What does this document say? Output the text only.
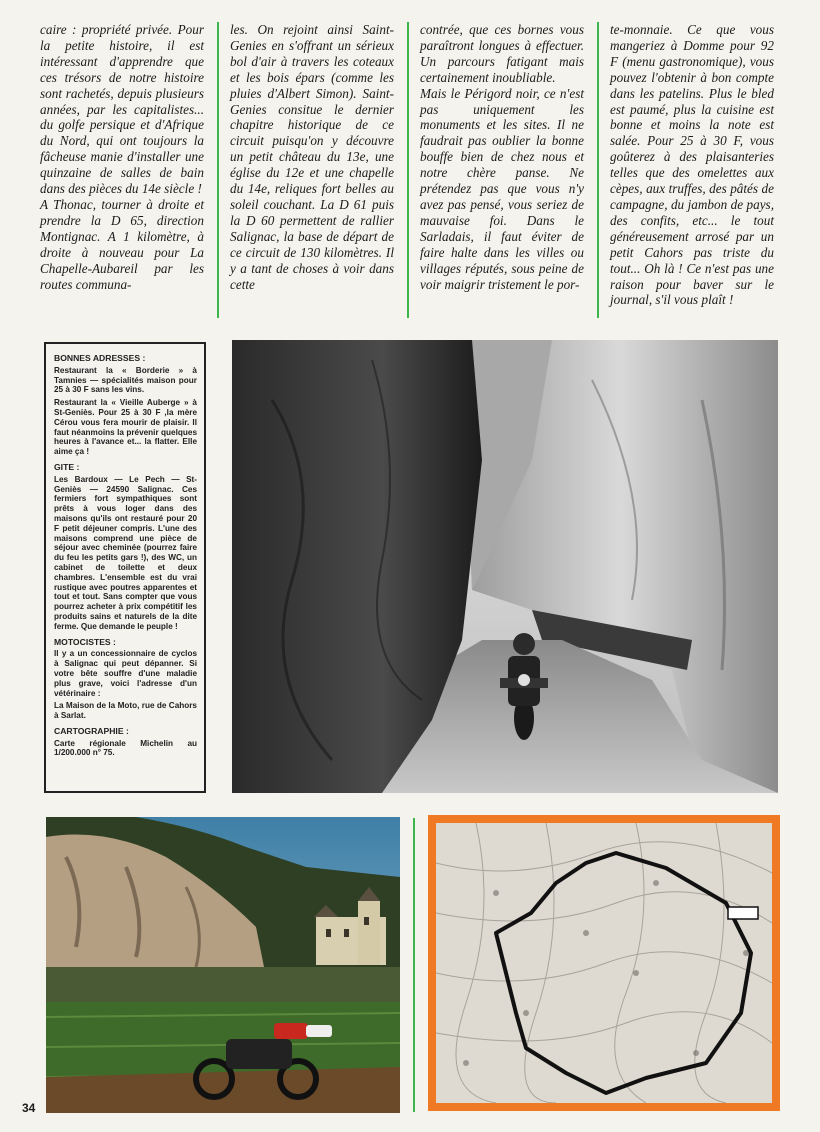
caire : propriété privée. Pour la petite histoire, il est intéressant d'apprendre que ces trésors de notre histoire sont rachetés, depuis plusieurs années, par les capitalistes... du golfe persique et d'Afrique du Nord, qui ont toujours la fâcheuse manie d'installer une quinzaine de salles de bain dans des pièces du 14e siècle !

A Thonac, tourner à droite et prendre la D 65, direction Montignac. A 1 kilomètre, à droite à nouveau pour La Chapelle-Aubareil par les routes communa-

les. On rejoint ainsi Saint-Genies en s'offrant un sérieux bol d'air à travers les coteaux et les bois épars (comme les pluies d'Albert Simon). Saint-Genies consitue le dernier chapitre historique de ce circuit puisqu'on y découvre un petit château du 13e, une église du 12e et une chapelle du 14e, reliques fort belles au soleil couchant. La D 61 puis la D 60 permettent de rallier Salignac, la base de départ de ce circuit de 130 kilomètres. Il y a tant de choses à voir dans cette

contrée, que ces bornes vous paraîtront longues à effectuer. Un parcours fatigant mais certainement inoubliable.

Mais le Périgord noir, ce n'est pas uniquement les monuments et les sites. Il ne faudrait pas oublier la bonne bouffe bien de chez nous et notre chère panse. Ne prétendez pas que vous n'y avez pas pensé, vous seriez de mauvaise foi. Dans le Sarladais, il faut éviter de faire halte dans les villes ou villages réputés, sous peine de voir maigrir tristement le por-

te-monnaie. Ce que vous mangeriez à Domme pour 92 F (menu gastronomique), vous pouvez l'obtenir à bon compte dans les patelins. Plus le bled est paumé, plus la cuisine est bonne et moins la note est salée. Pour 25 à 30 F, vous goûterez à des plaisanteries telles que des omelettes aux cèpes, aux truffes, des pâtés de campagne, du jambon de pays, des confits, etc... le tout généreusement arrosé par un petit Cahors pas triste du tout... Oh là ! Ce n'est pas une raison pour baver sur le journal, s'il vous plaît !

BONNES ADRESSES :

Restaurant la « Borderie » à Tamnies — spécialités maison pour 25 à 30 F sans les vins.

Restaurant la « Vieille Auberge » à St-Geniès. Pour 25 à 30 F ,la mère Cérou vous fera mourir de plaisir. Il faut néanmoins la prévenir quelques heures à l'avance et... la flatter. Elle aime ça !

GITE :

Les Bardoux — Le Pech — St-Geniès — 24590 Salignac. Ces fermiers fort sympathiques sont prêts à vous loger dans des maisons qu'ils ont restauré pour 20 F petit déjeuner compris. L'une des maisons comprend une pièce de séjour avec cheminée (pourrez faire du feu les petits gars !), des WC, un cabinet de toilette et deux chambres. L'ensemble est du vrai rustique avec poutres apparentes et tout et tout. Sans compter que vous pourrez acheter à prix compétitif les produits sains et naturels de la dite ferme. Que demande le peuple !

MOTOCISTES :

Il y a un concessionnaire de cyclos à Salignac qui peut dépanner. Si votre bête souffre d'une maladie plus grave, voici l'adresse d'un vétérinaire :

La Maison de la Moto, rue de Cahors à Sarlat.

CARTOGRAPHIE :

Carte régionale Michelin au 1/200.000 n° 75.

34
